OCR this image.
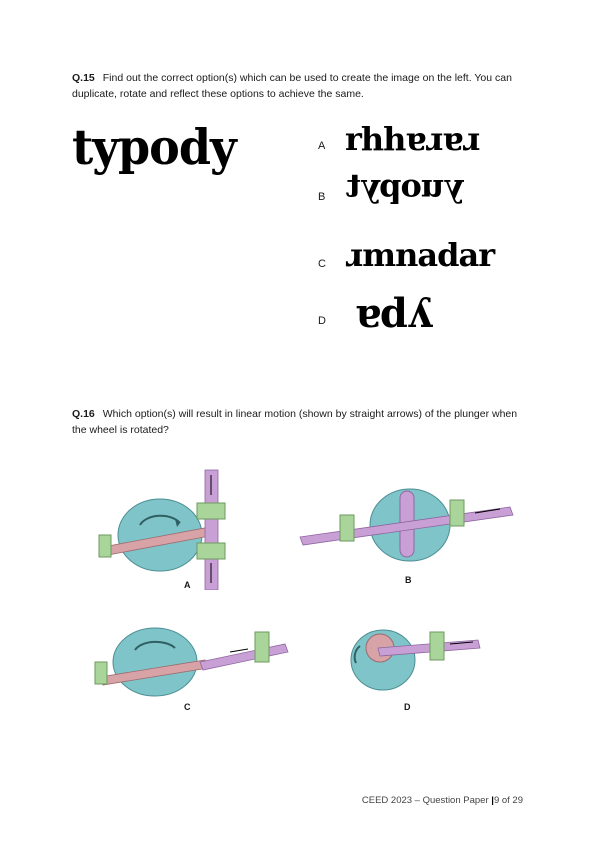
Q.15 Find out the correct option(s) which can be used to create the image on the left. You can duplicate, rotate and reflect these options to achieve the same.
typody	A rhhɐɹɐɹ
B ʇʎdonʎ
C ɹmnadar
D ɐdʎ
Q.16 Which option(s) will result in linear motion (shown by straight arrows) of the plunger when the wheel is rotated?
A	B
C	D
CEED 2023 – Question Paper |9 of 29
